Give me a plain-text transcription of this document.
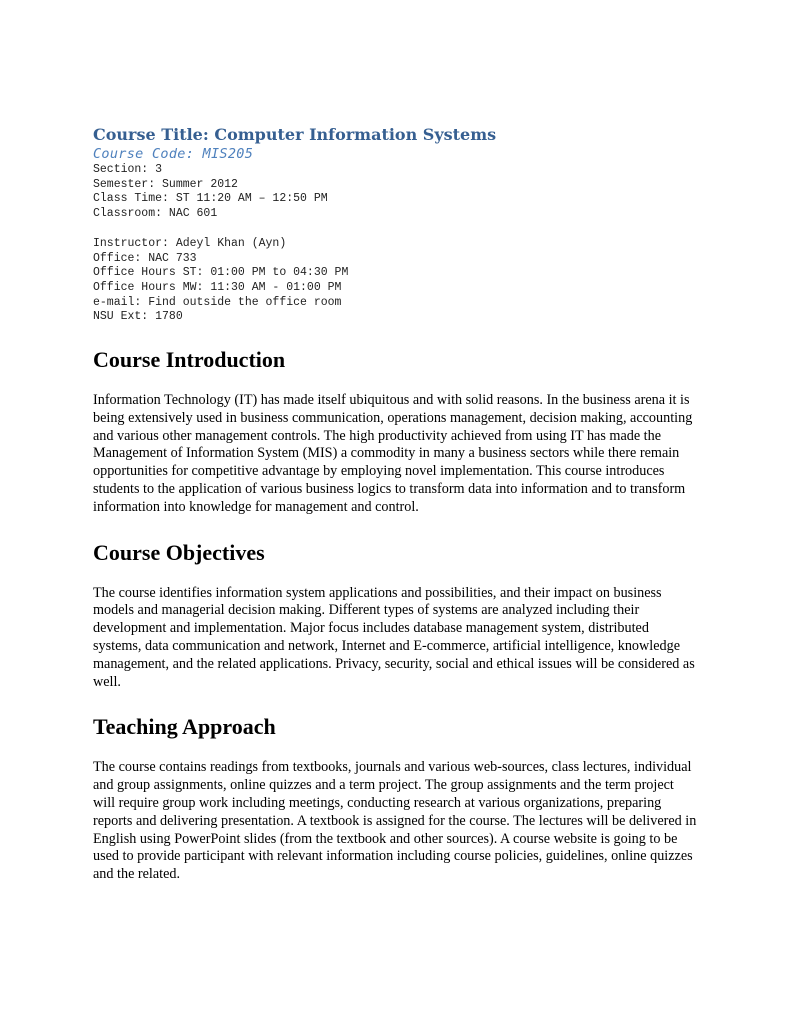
Course Title: Computer Information Systems
Course Code: MIS205
Section: 3
Semester: Summer 2012
Class Time: ST 11:20 AM – 12:50 PM
Classroom: NAC 601
Instructor: Adeyl Khan (Ayn)
Office: NAC 733
Office Hours ST: 01:00 PM to 04:30 PM
Office Hours MW: 11:30 AM - 01:00 PM
e-mail: Find outside the office room
NSU Ext: 1780
Course Introduction

Information Technology (IT) has made itself ubiquitous and with solid reasons. In the business arena it is being extensively used in business communication, operations management, decision making, accounting and various other management controls. The high productivity achieved from using IT has made the Management of Information System (MIS) a commodity in many a business sectors while there remain opportunities for competitive advantage by employing novel implementation. This course introduces students to the application of various business logics to transform data into information and to transform information into knowledge for management and control.

Course Objectives

The course identifies information system applications and possibilities, and their impact on business models and managerial decision making. Different types of systems are analyzed including their development and implementation. Major focus includes database management system, distributed systems, data communication and network, Internet and E-commerce, artificial intelligence, knowledge management, and the related applications. Privacy, security, social and ethical issues will be considered as well.

Teaching Approach

The course contains readings from textbooks, journals and various web-sources, class lectures, individual and group assignments, online quizzes and a term project. The group assignments and the term project will require group work including meetings, conducting research at various organizations, preparing reports and delivering presentation. A textbook is assigned for the course. The lectures will be delivered in English using PowerPoint slides (from the textbook and other sources). A course website is going to be used to provide participant with relevant information including course policies, guidelines, online quizzes and the related.
